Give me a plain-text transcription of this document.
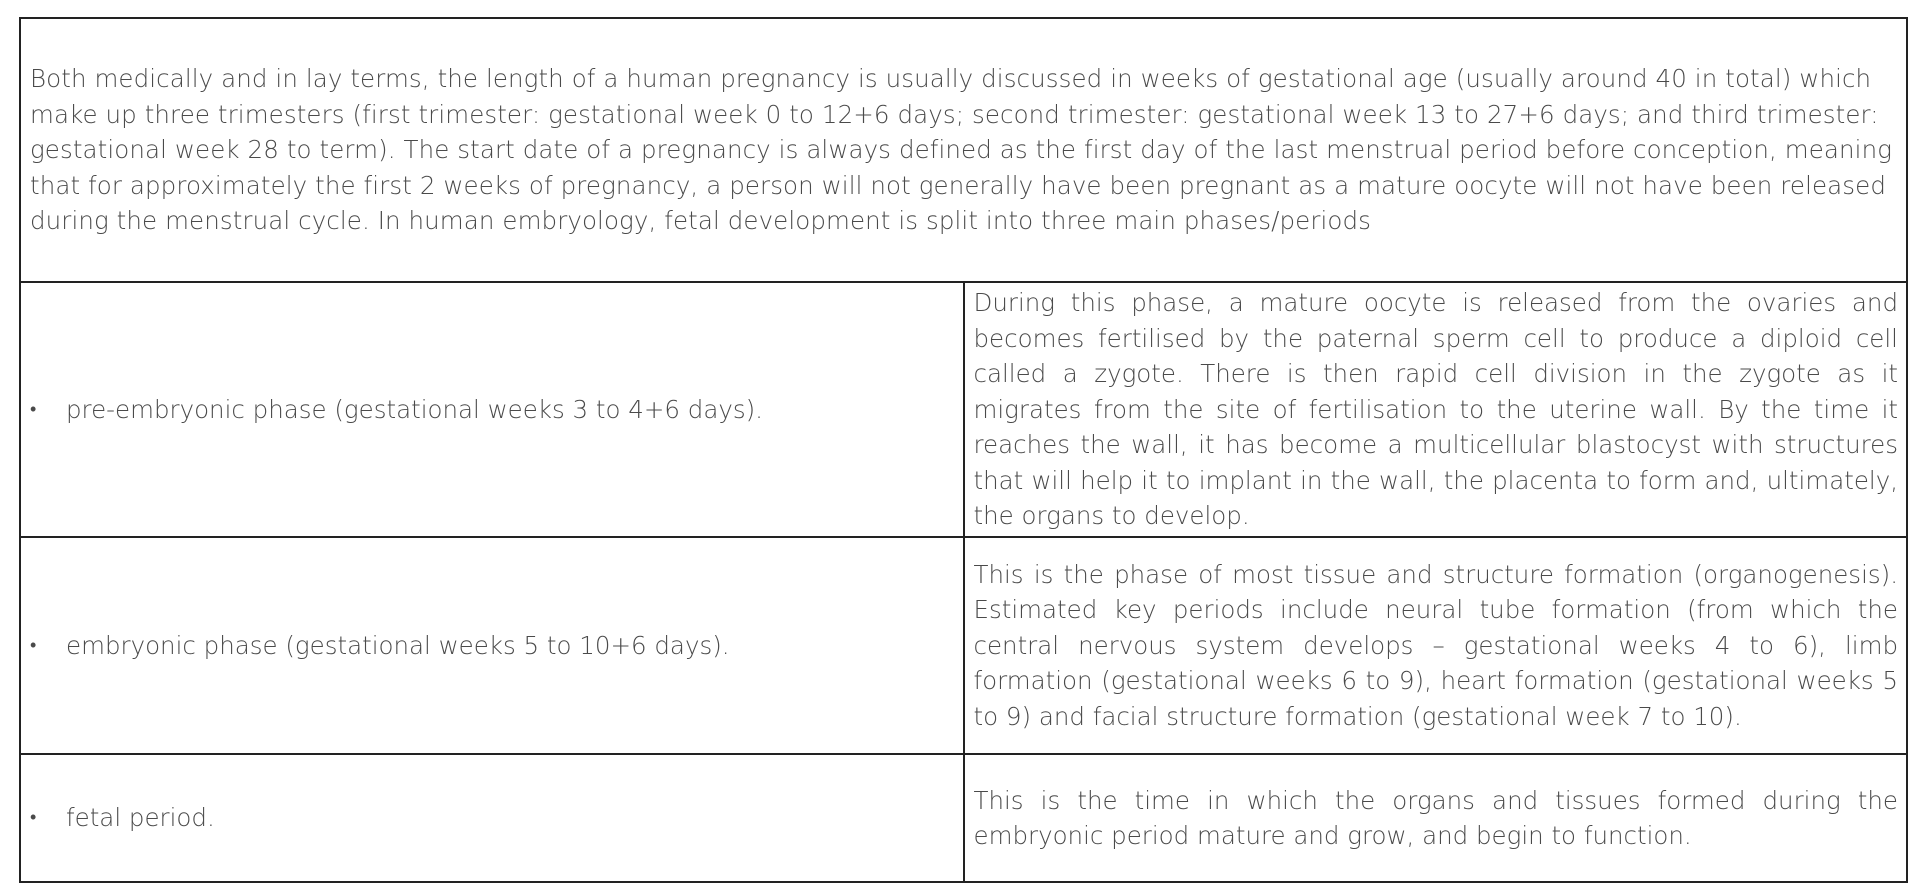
Both medically and in lay terms, the length of a human pregnancy is usually discussed in weeks of gestational age (usually around 40 in total) which make up three trimesters (first trimester: gestational week 0 to 12+6 days; second trimester: gestational week 13 to 27+6 days; and third trimester: gestational week 28 to term). The start date of a pregnancy is always defined as the first day of the last menstrual period before conception, meaning that for approximately the first 2 weeks of pregnancy, a person will not generally have been pregnant as a mature oocyte will not have been released during the menstrual cycle. In human embryology, fetal development is split into three main phases/periods	

• pre-embryonic phase (gestational weeks 3 to 4+6 days).	During this phase, a mature oocyte is released from the ovaries and becomes fertilised by the paternal sperm cell to produce a diploid cell called a zygote. There is then rapid cell division in the zygote as it migrates from the site of fertilisation to the uterine wall. By the time it reaches the wall, it has become a multicellular blastocyst with structures that will help it to implant in the wall, the placenta to form and, ultimately, the organs to develop.

• embryonic phase (gestational weeks 5 to 10+6 days).	This is the phase of most tissue and structure formation (organogenesis). Estimated key periods include neural tube formation (from which the central nervous system develops – gestational weeks 4 to 6), limb formation (gestational weeks 6 to 9), heart formation (gestational weeks 5 to 9) and facial structure formation (gestational week 7 to 10).

• fetal period.	This is the time in which the organs and tissues formed during the embryonic period mature and grow, and begin to function.
